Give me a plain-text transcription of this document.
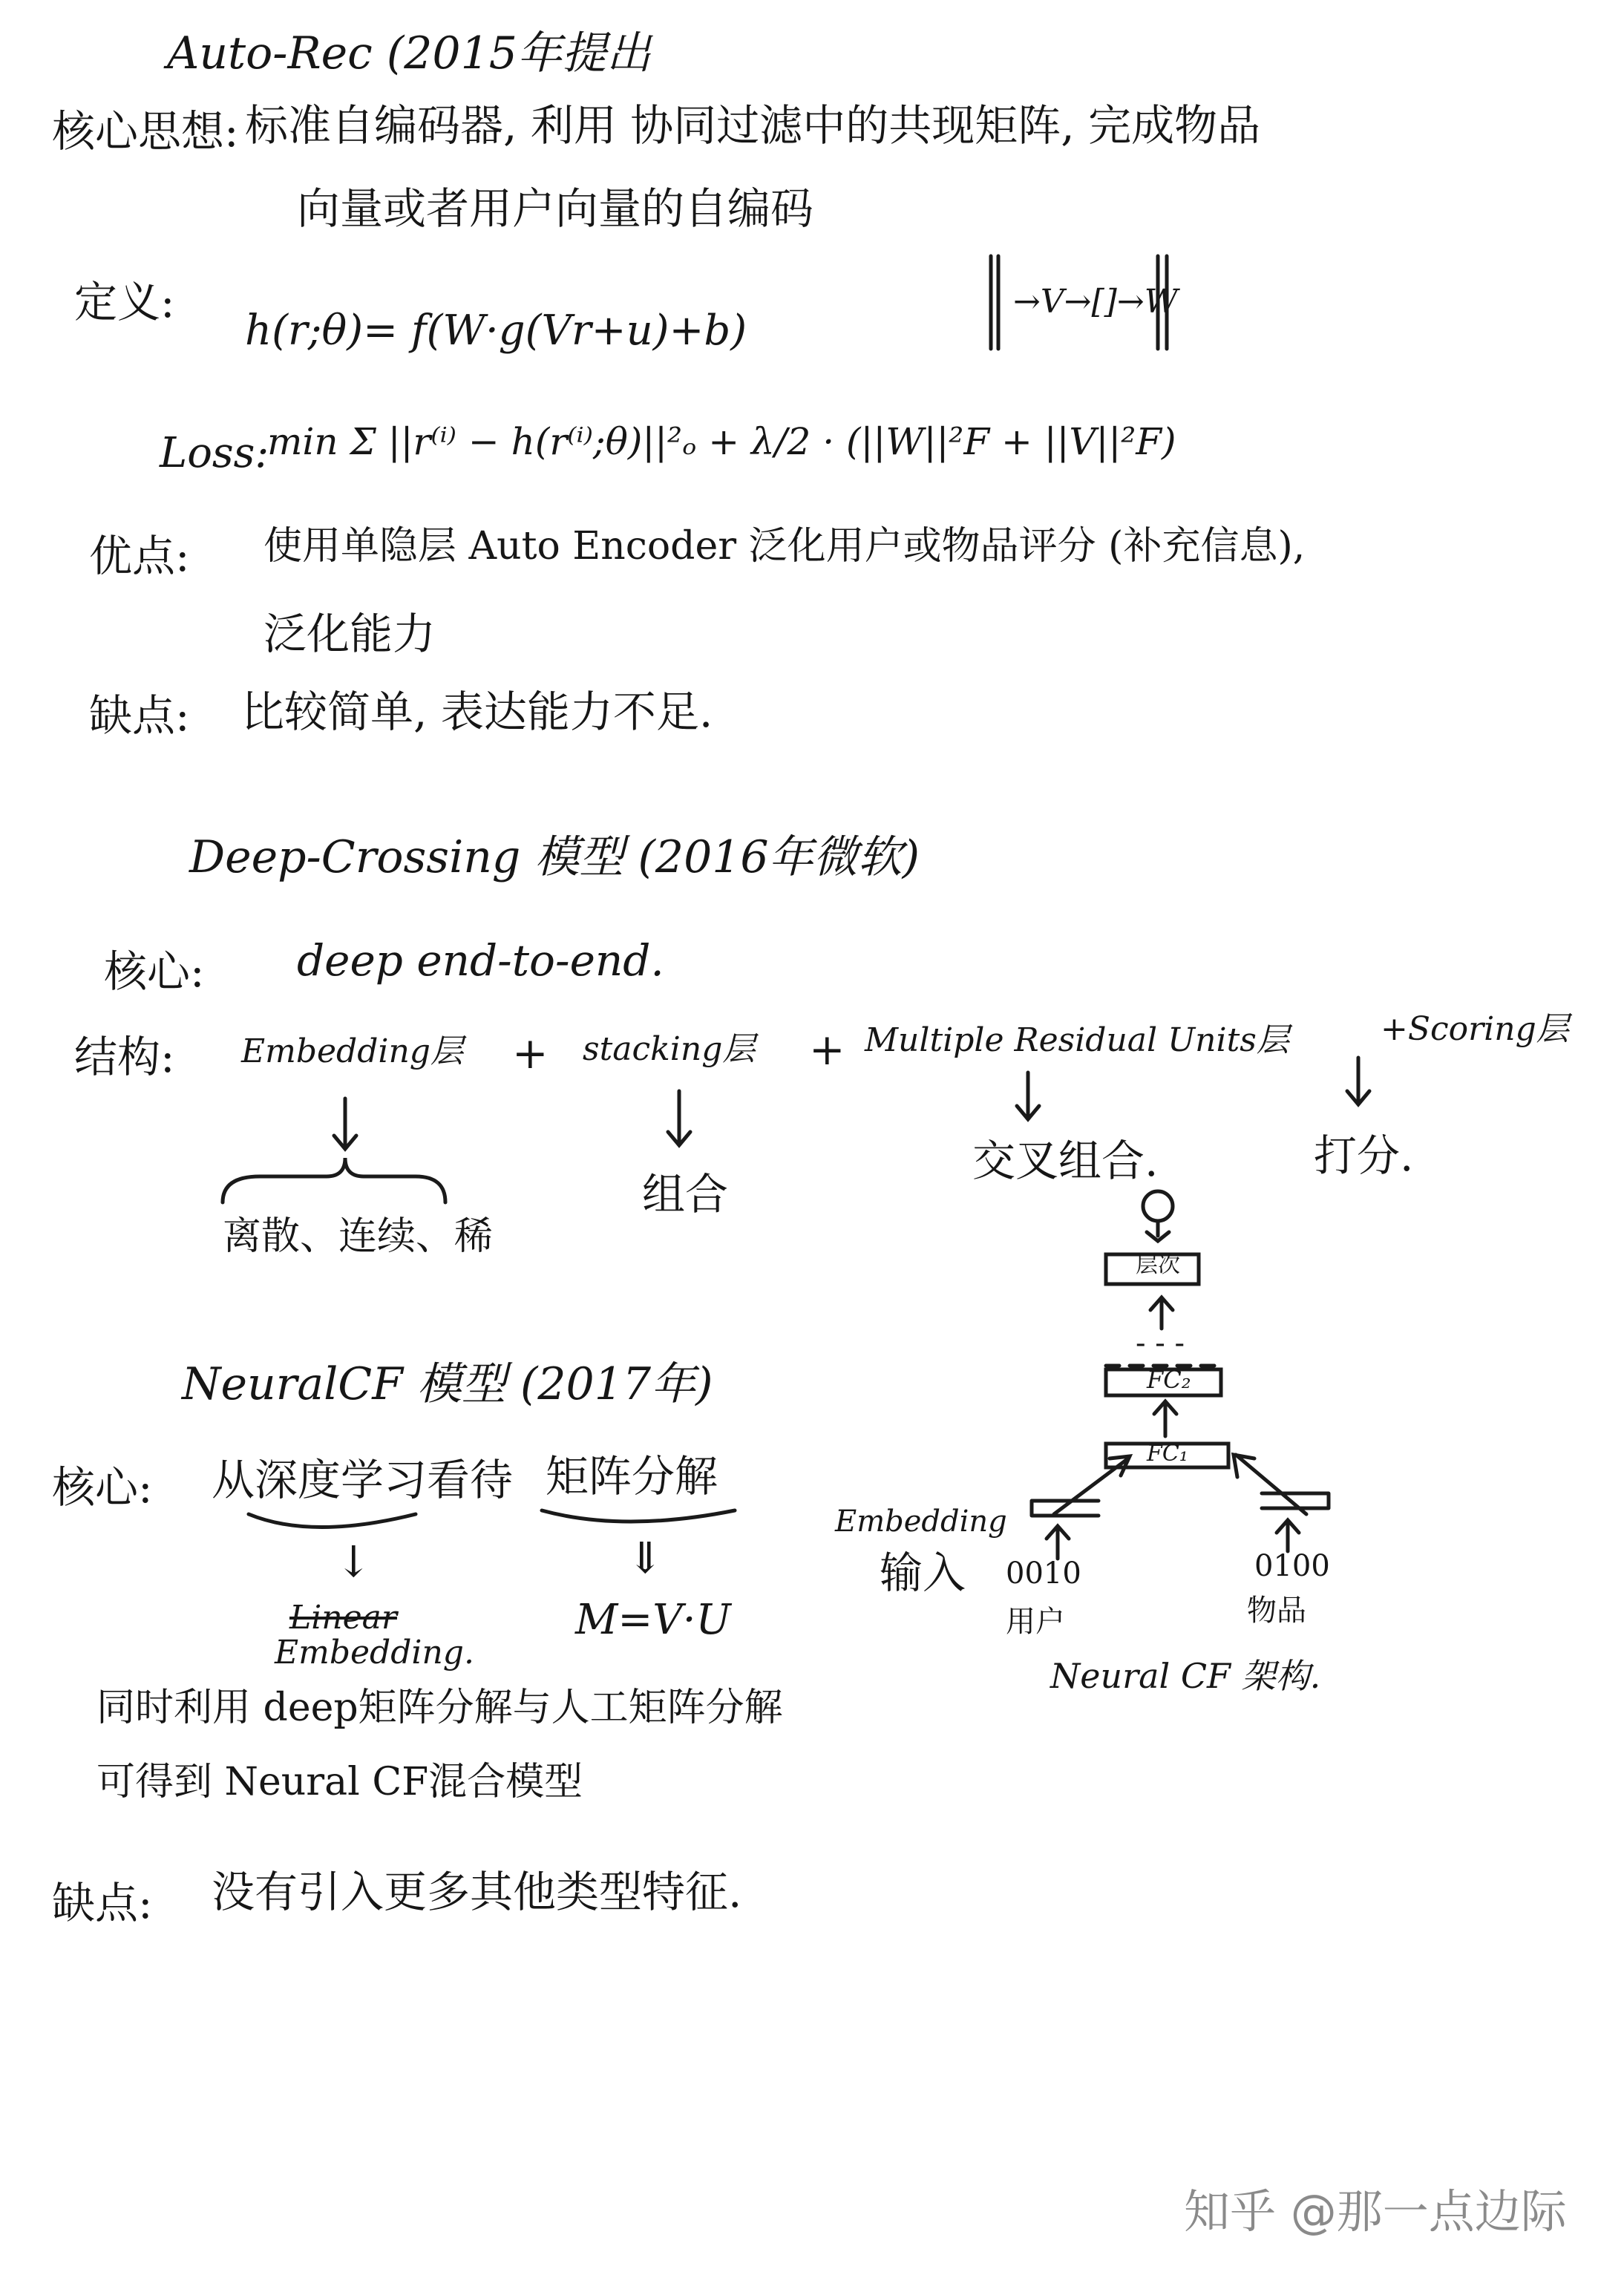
Auto-Rec (2015年提出
核心思想: 标准自编码器, 利用 协同过滤中的共现矩阵, 完成物品
向量或者用户向量的自编码
定义:
h(r;θ)= f(W·g(Vr+u)+b)
→V→[]→W
Loss:
min Σ ||r⁽ⁱ⁾ − h(r⁽ⁱ⁾;θ)||²ₒ + λ/2 · (||W||²F + ||V||²F)
优点: 使用单隐层 Auto Encoder 泛化用户或物品评分 (补充信息),
泛化能力
缺点: 比较简单, 表达能力不足.
Deep-Crossing 模型 (2016年微软)
核心: deep end-to-end.
结构: Embedding层 + stacking层 + Multiple Residual Units层	+Scoring层
离散、连续、稀
组合
交叉组合.	打分.
NeuralCF 模型 (2017年)
核心: 从深度学习看待 矩阵分解
↓	⇓
Linear
Embedding.
M=V·U
同时利用 deep矩阵分解与人工矩阵分解
可得到 Neural CF混合模型
缺点: 没有引入更多其他类型特征.
层次
- - -
FC₂
FC₁
Embedding
输入 0010
用户
0100
物品
Neural CF 架构.
知乎 @那一点边际
